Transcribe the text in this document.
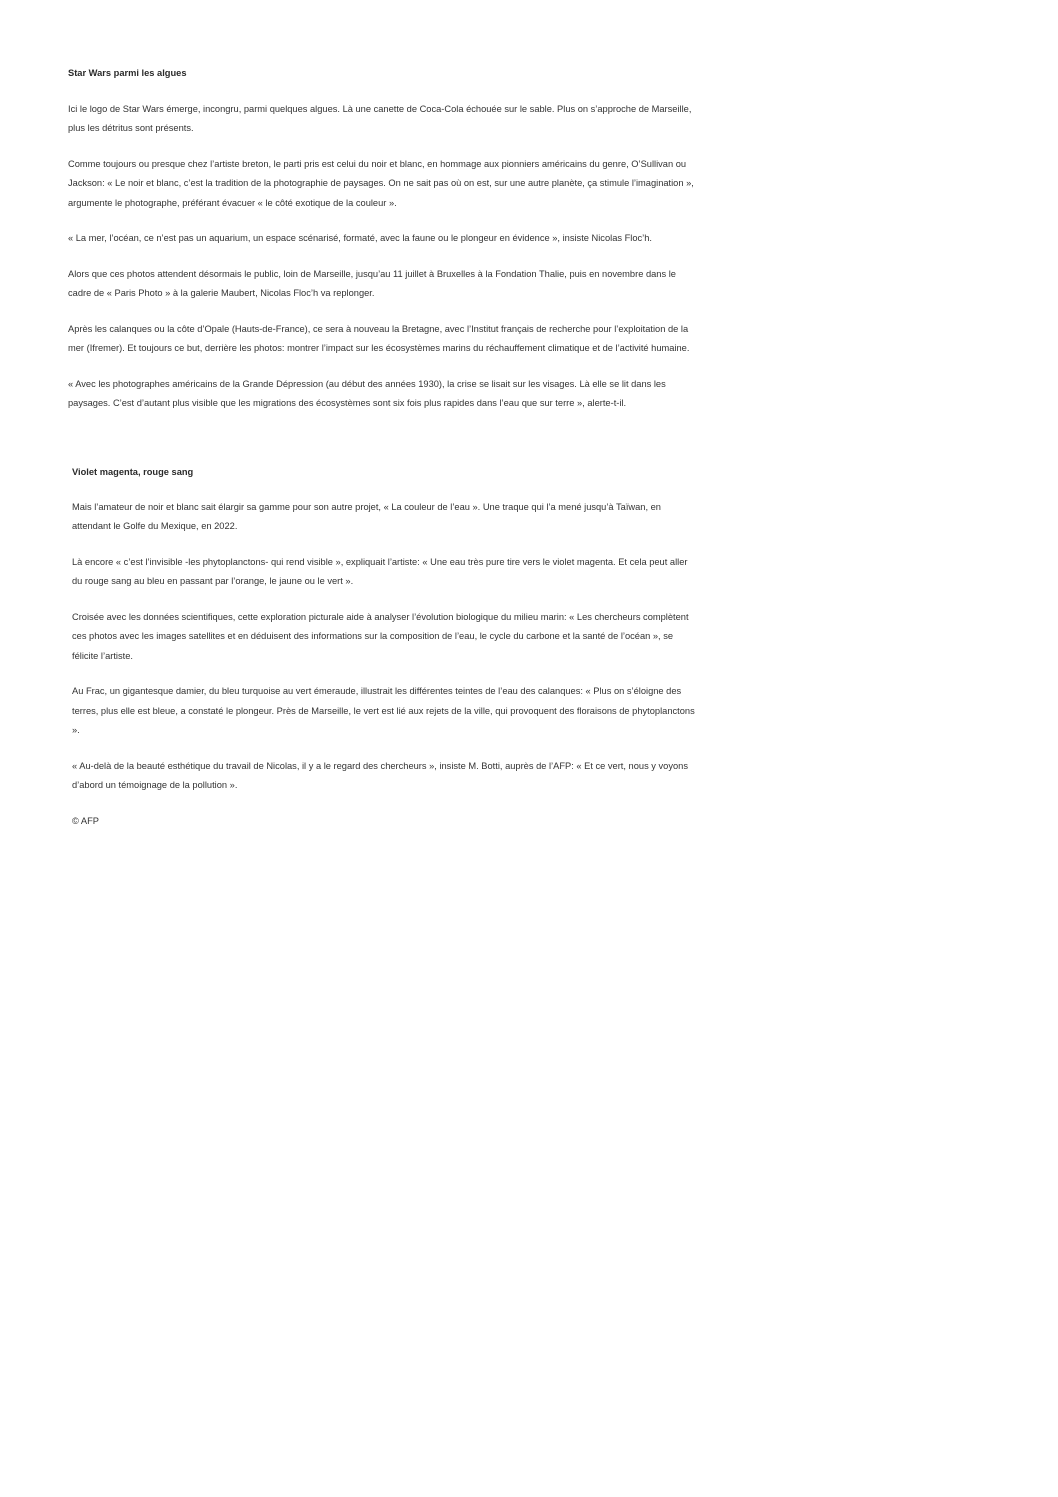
Star Wars parmi les algues

Ici le logo de Star Wars émerge, incongru, parmi quelques algues. Là une canette de Coca-Cola échouée sur le sable. Plus on s’approche de Marseille, plus les détritus sont présents.

Comme toujours ou presque chez l’artiste breton, le parti pris est celui du noir et blanc, en hommage aux pionniers américains du genre, O’Sullivan ou Jackson: « Le noir et blanc, c’est la tradition de la photographie de paysages. On ne sait pas où on est, sur une autre planète, ça stimule l’imagination », argumente le photographe, préférant évacuer « le côté exotique de la couleur ».

« La mer, l’océan, ce n’est pas un aquarium, un espace scénarisé, formaté, avec la faune ou le plongeur en évidence », insiste Nicolas Floc’h.

Alors que ces photos attendent désormais le public, loin de Marseille, jusqu’au 11 juillet à Bruxelles à la Fondation Thalie, puis en novembre dans le cadre de « Paris Photo » à la galerie Maubert, Nicolas Floc’h va replonger.

Après les calanques ou la côte d’Opale (Hauts-de-France), ce sera à nouveau la Bretagne, avec l’Institut français de recherche pour l’exploitation de la mer (Ifremer). Et toujours ce but, derrière les photos: montrer l’impact sur les écosystèmes marins du réchauffement climatique et de l’activité humaine.

« Avec les photographes américains de la Grande Dépression (au début des années 1930), la crise se lisait sur les visages. Là elle se lit dans les paysages. C’est d’autant plus visible que les migrations des écosystèmes sont six fois plus rapides dans l’eau que sur terre », alerte-t-il.

Violet magenta, rouge sang

Mais l’amateur de noir et blanc sait élargir sa gamme pour son autre projet, « La couleur de l’eau ». Une traque qui l’a mené jusqu’à Taïwan, en attendant le Golfe du Mexique, en 2022.

Là encore « c’est l’invisible -les phytoplanctons- qui rend visible », expliquait l’artiste: « Une eau très pure tire vers le violet magenta. Et cela peut aller du rouge sang au bleu en passant par l’orange, le jaune ou le vert ».

Croisée avec les données scientifiques, cette exploration picturale aide à analyser l’évolution biologique du milieu marin: « Les chercheurs complètent ces photos avec les images satellites et en déduisent des informations sur la composition de l’eau, le cycle du carbone et la santé de l’océan », se félicite l’artiste.

Au Frac, un gigantesque damier, du bleu turquoise au vert émeraude, illustrait les différentes teintes de l’eau des calanques: « Plus on s’éloigne des terres, plus elle est bleue, a constaté le plongeur. Près de Marseille, le vert est lié aux rejets de la ville, qui provoquent des floraisons de phytoplanctons ».

« Au-delà de la beauté esthétique du travail de Nicolas, il y a le regard des chercheurs », insiste M. Botti, auprès de l’AFP: « Et ce vert, nous y voyons d’abord un témoignage de la pollution ».

© AFP
